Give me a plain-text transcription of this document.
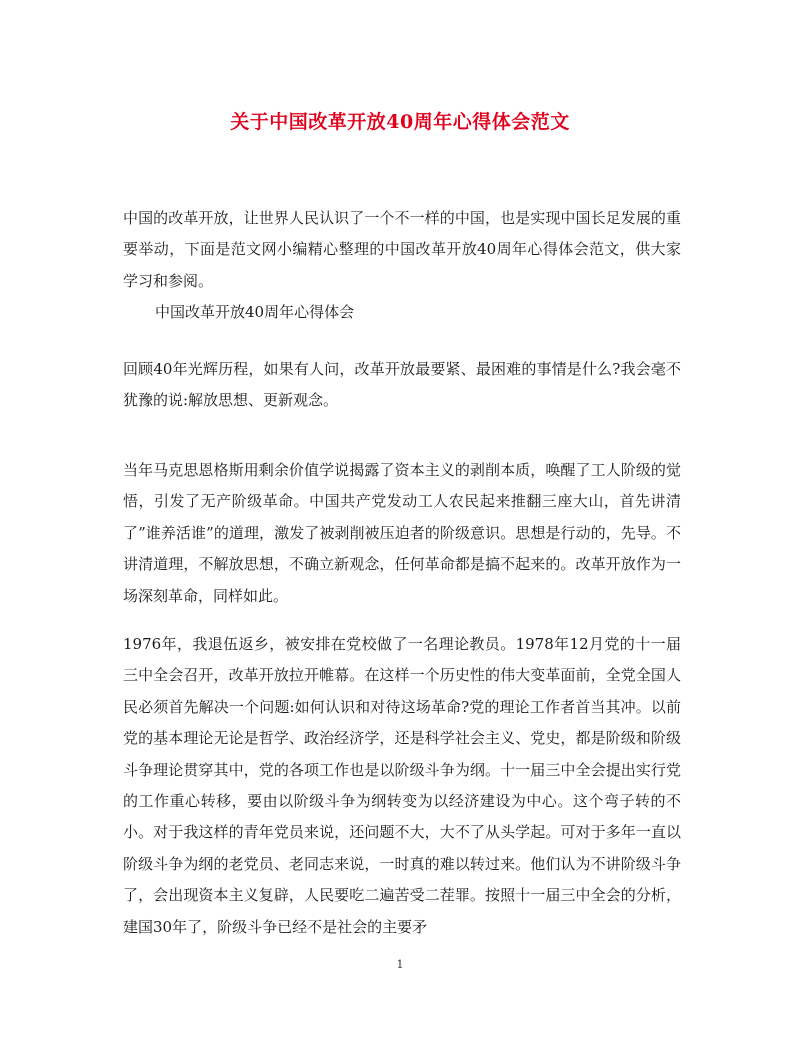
关于中国改革开放40周年心得体会范文
中国的改革开放，让世界人民认识了一个不一样的中国，也是实现中国长足发展的重要举动，下面是范文网小编精心整理的中国改革开放40周年心得体会范文，供大家学习和参阅。
中国改革开放40周年心得体会
回顾40年光辉历程，如果有人问，改革开放最要紧、最困难的事情是什么?我会毫不犹豫的说:解放思想、更新观念。
当年马克思恩格斯用剩余价值学说揭露了资本主义的剥削本质，唤醒了工人阶级的觉悟，引发了无产阶级革命。中国共产党发动工人农民起来推翻三座大山，首先讲清了”谁养活谁”的道理，激发了被剥削被压迫者的阶级意识。思想是行动的，先导。不讲清道理，不解放思想，不确立新观念，任何革命都是搞不起来的。改革开放作为一场深刻革命，同样如此。
1976年，我退伍返乡，被安排在党校做了一名理论教员。1978年12月党的十一届三中全会召开，改革开放拉开帷幕。在这样一个历史性的伟大变革面前，全党全国人民必须首先解决一个问题:如何认识和对待这场革命?党的理论工作者首当其冲。以前党的基本理论无论是哲学、政治经济学，还是科学社会主义、党史，都是阶级和阶级斗争理论贯穿其中，党的各项工作也是以阶级斗争为纲。十一届三中全会提出实行党的工作重心转移，要由以阶级斗争为纲转变为以经济建设为中心。这个弯子转的不小。对于我这样的青年党员来说，还问题不大，大不了从头学起。可对于多年一直以阶级斗争为纲的老党员、老同志来说，一时真的难以转过来。他们认为不讲阶级斗争了，会出现资本主义复辟，人民要吃二遍苦受二茬罪。按照十一届三中全会的分析，建国30年了，阶级斗争已经不是社会的主要矛
1
